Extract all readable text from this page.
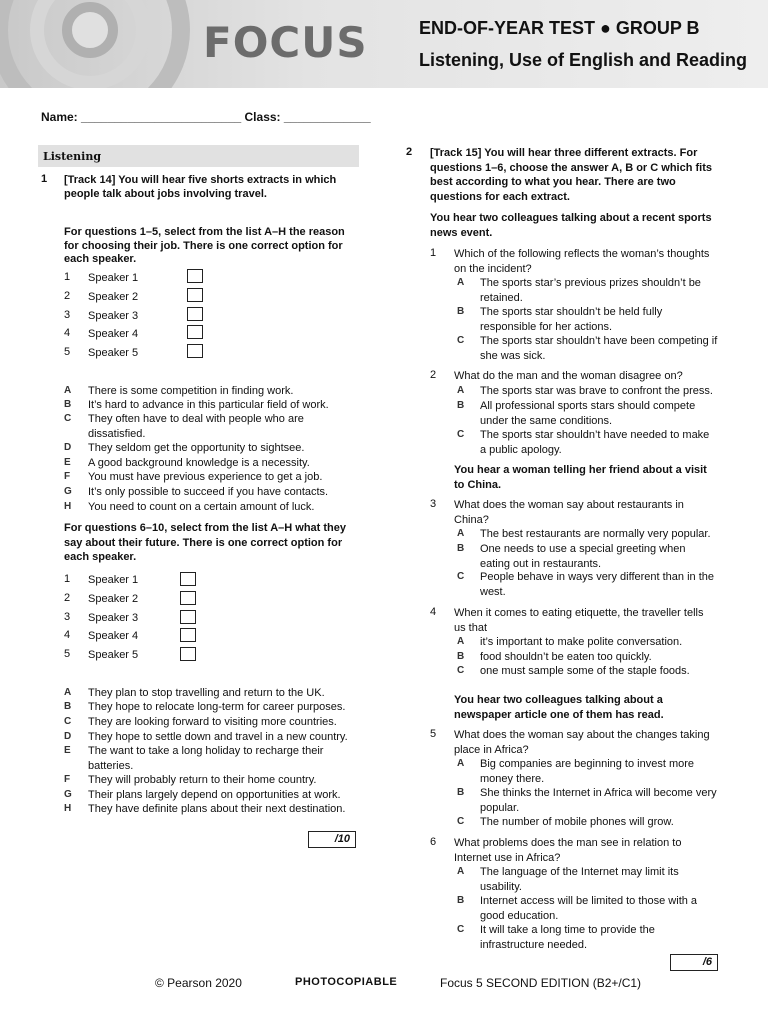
FOCUS	END-OF-YEAR TEST ● GROUP B
Listening, Use of English and Reading
Name: ________________________ Class: _____________
Listening
1 [Track 14] You will hear five shorts extracts in which
people talk about jobs involving travel.
For questions 1–5, select from the list A–H the reason
for choosing their job. There is one correct option for
each speaker.
1 Speaker 1
2 Speaker 2
3 Speaker 3
4 Speaker 4
5 Speaker 5
A There is some competition in finding work.
B It’s hard to advance in this particular field of work.
C They often have to deal with people who are
dissatisfied.
D They seldom get the opportunity to sightsee.
E A good background knowledge is a necessity.
F You must have previous experience to get a job.
G It’s only possible to succeed if you have contacts.
H You need to count on a certain amount of luck.
For questions 6–10, select from the list A–H what they
say about their future. There is one correct option for
each speaker.
1 Speaker 1
2 Speaker 2
3 Speaker 3
4 Speaker 4
5 Speaker 5
A They plan to stop travelling and return to the UK.
B They hope to relocate long-term for career purposes.
C They are looking forward to visiting more countries.
D They hope to settle down and travel in a new country.
E The want to take a long holiday to recharge their
batteries.
F They will probably return to their home country.
G Their plans largely depend on opportunities at work.
H They have definite plans about their next destination.
2 [Track 15] You will hear three different extracts. For
questions 1–6, choose the answer A, B or C which fits
best according to what you hear. There are two
questions for each extract.
You hear two colleagues talking about a recent sports
news event.
You hear a woman telling her friend about a visit
to China.
You hear two colleagues talking about a
newspaper article one of them has read.
1 Which of the following reflects the woman’s thoughts
on the incident?
A The sports star’s previous prizes shouldn’t be
retained.
B The sports star shouldn’t be held fully
responsible for her actions.
C The sports star shouldn’t have been competing if
she was sick.
2 What do the man and the woman disagree on?
A The sports star was brave to confront the press.
B All professional sports stars should compete
under the same conditions.
C The sports star shouldn’t have needed to make
a public apology.
3 What does the woman say about restaurants in
China?
A The best restaurants are normally very popular.
B One needs to use a special greeting when
eating out in restaurants.
C People behave in ways very different than in the
west.
4 When it comes to eating etiquette, the traveller tells
us that
A it’s important to make polite conversation.
B food shouldn’t be eaten too quickly.
C one must sample some of the staple foods.
5 What does the woman say about the changes taking
place in Africa?
A Big companies are beginning to invest more
money there.
B She thinks the Internet in Africa will become very
popular.
C The number of mobile phones will grow.
6 What problems does the man see in relation to
Internet use in Africa?
A The language of the Internet may limit its
usability.
B Internet access will be limited to those with a
good education.
C It will take a long time to provide the
infrastructure needed.
/10
/6
© Pearson 2020	PHOTOCOPIABLE	Focus 5 SECOND EDITION (B2+/C1)
